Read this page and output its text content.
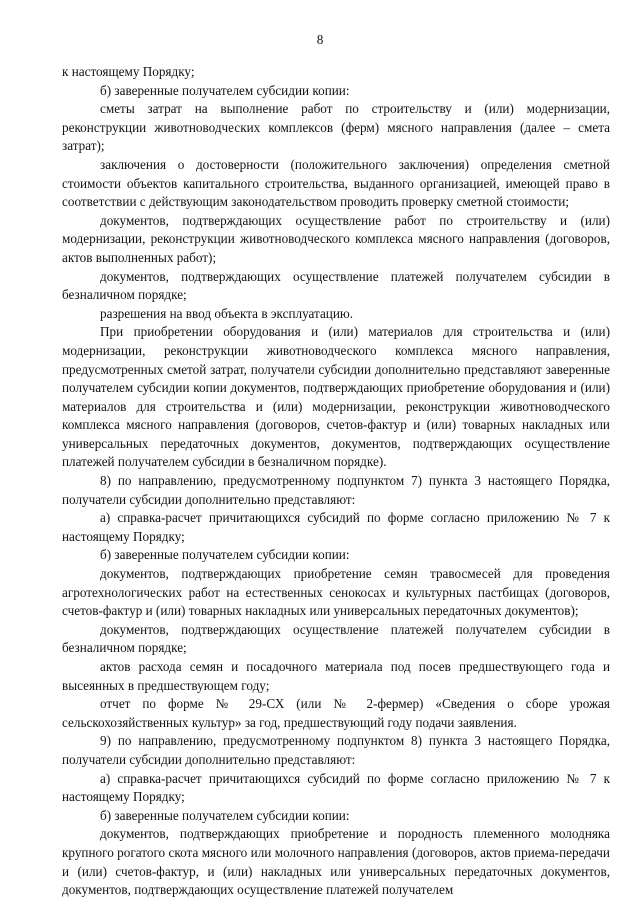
8

к настоящему Порядку;

б) заверенные получателем субсидии копии:

сметы затрат на выполнение работ по строительству и (или) модернизации, реконструкции животноводческих комплексов (ферм) мясного направления (далее – смета затрат);

заключения о достоверности (положительного заключения) определения сметной стоимости объектов капитального строительства, выданного организацией, имеющей право в соответствии с действующим законодательством проводить проверку сметной стоимости;

документов, подтверждающих осуществление работ по строительству и (или) модернизации, реконструкции животноводческого комплекса мясного направления (договоров, актов выполненных работ);

документов, подтверждающих осуществление платежей получателем субсидии в безналичном порядке;

разрешения на ввод объекта в эксплуатацию.

При приобретении оборудования и (или) материалов для строительства и (или) модернизации, реконструкции животноводческого комплекса мясного направления, предусмотренных сметой затрат, получатели субсидии дополнительно представляют заверенные получателем субсидии копии документов, подтверждающих приобретение оборудования и (или) материалов для строительства и (или) модернизации, реконструкции животноводческого комплекса мясного направления (договоров, счетов-фактур и (или) товарных накладных или универсальных передаточных документов, документов, подтверждающих осуществление платежей получателем субсидии в безналичном порядке).

8) по направлению, предусмотренному подпунктом 7) пункта 3 настоящего Порядка, получатели субсидии дополнительно представляют:

а) справка-расчет причитающихся субсидий по форме согласно приложению № 7 к настоящему Порядку;

б) заверенные получателем субсидии копии:

документов, подтверждающих приобретение семян травосмесей для проведения агротехнологических работ на естественных сенокосах и культурных пастбищах (договоров, счетов-фактур и (или) товарных накладных или универсальных передаточных документов);

документов, подтверждающих осуществление платежей получателем субсидии в безналичном порядке;

актов расхода семян и посадочного материала под посев предшествующего года и высеянных в предшествующем году;

отчет по форме № 29-СХ (или № 2-фермер) «Сведения о сборе урожая сельскохозяйственных культур» за год, предшествующий году подачи заявления.

9) по направлению, предусмотренному подпунктом 8) пункта 3 настоящего Порядка, получатели субсидии дополнительно представляют:

а) справка-расчет причитающихся субсидий по форме согласно приложению № 7 к настоящему Порядку;

б) заверенные получателем субсидии копии:

документов, подтверждающих приобретение и породность племенного молодняка крупного рогатого скота мясного или молочного направления (договоров, актов приема-передачи и (или) счетов-фактур, и (или) накладных или универсальных передаточных документов, документов, подтверждающих осуществление платежей получателем
